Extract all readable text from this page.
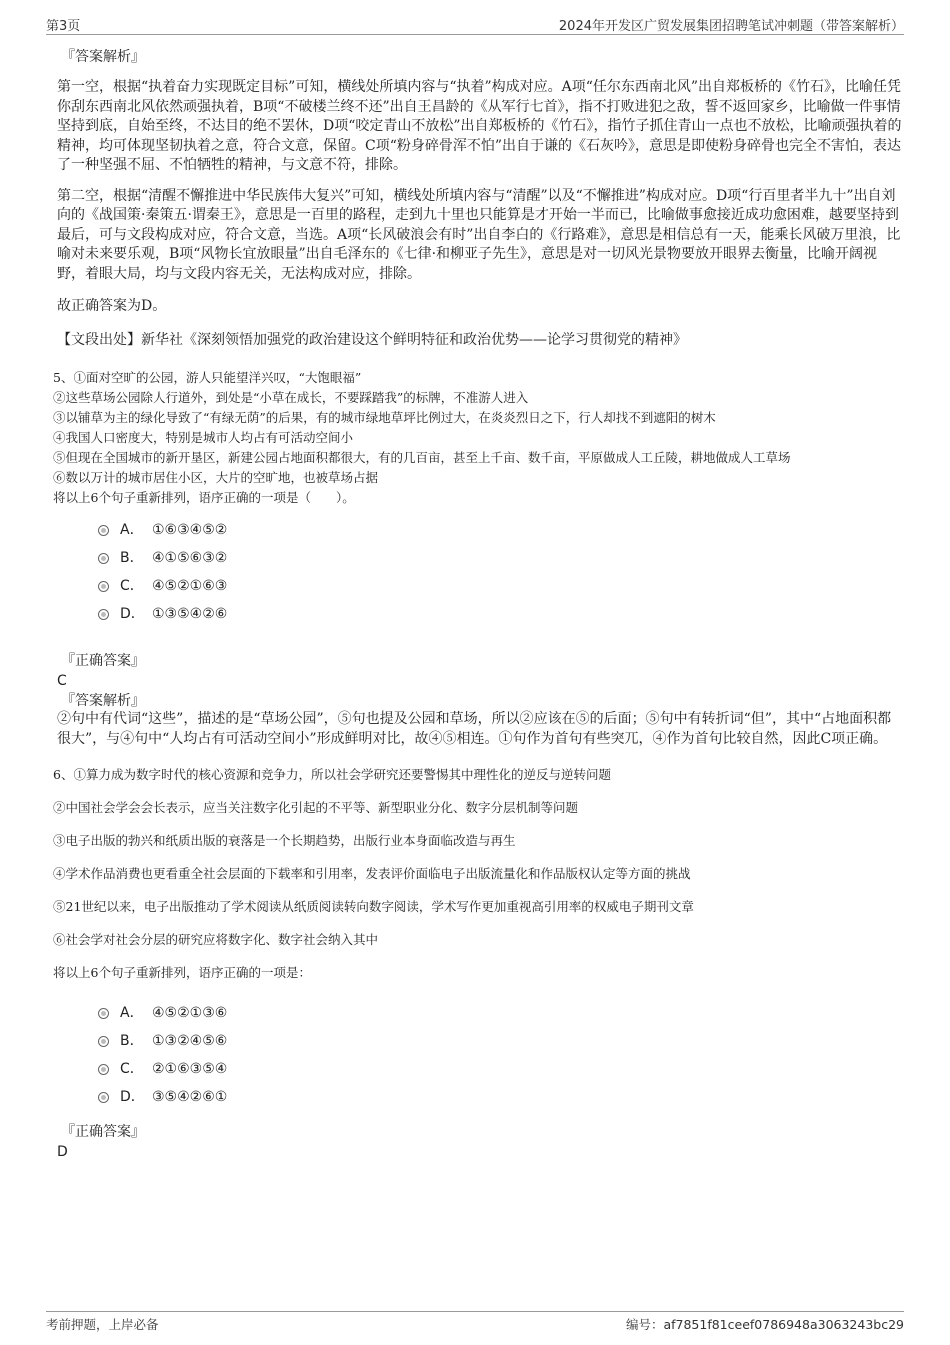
第3页	2024年开发区广贸发展集团招聘笔试冲刺题（带答案解析）
『答案解析』

第一空，根据“执着奋力实现既定目标”可知，横线处所填内容与“执着”构成对应。A项“任尔东西南北风”出自郑板桥的《竹石》，比喻任凭你刮东西南北风依然顽强执着，B项“不破楼兰终不还”出自王昌龄的《从军行七首》，指不打败进犯之敌，誓不返回家乡，比喻做一件事情坚持到底，自始至终，不达目的绝不罢休，D项“咬定青山不放松”出自郑板桥的《竹石》，指竹子抓住青山一点也不放松，比喻顽强执着的精神，均可体现坚韧执着之意，符合文意，保留。C项“粉身碎骨浑不怕”出自于谦的《石灰吟》，意思是即使粉身碎骨也完全不害怕，表达了一种坚强不屈、不怕牺牲的精神，与文意不符，排除。

第二空，根据“清醒不懈推进中华民族伟大复兴”可知，横线处所填内容与“清醒”以及“不懈推进”构成对应。D项“行百里者半九十”出自刘向的《战国策·秦策五·谓秦王》，意思是一百里的路程，走到九十里也只能算是才开始一半而已，比喻做事愈接近成功愈困难，越要坚持到最后，可与文段构成对应，符合文意，当选。A项“长风破浪会有时”出自李白的《行路难》，意思是相信总有一天，能乘长风破万里浪，比喻对未来要乐观，B项“风物长宜放眼量”出自毛泽东的《七律·和柳亚子先生》，意思是对一切风光景物要放开眼界去衡量，比喻开阔视野，着眼大局，均与文段内容无关，无法构成对应，排除。

故正确答案为D。

【文段出处】新华社《深刻领悟加强党的政治建设这个鲜明特征和政治优势——论学习贯彻党的精神》

5、①面对空旷的公园，游人只能望洋兴叹，“大饱眼福”

②这些草场公园除人行道外，到处是“小草在成长，不要踩踏我”的标牌，不准游人进入

③以铺草为主的绿化导致了“有绿无荫”的后果，有的城市绿地草坪比例过大，在炎炎烈日之下，行人却找不到遮阳的树木

④我国人口密度大，特别是城市人均占有可活动空间小

⑤但现在全国城市的新开垦区，新建公园占地面积都很大，有的几百亩，甚至上千亩、数千亩，平原做成人工丘陵，耕地做成人工草场

⑥数以万计的城市居住小区，大片的空旷地，也被草场占据

将以上6个句子重新排列，语序正确的一项是（　　）。

A． ①⑥③④⑤②
B． ④①⑤⑥③②
C． ④⑤②①⑥③
D． ①③⑤④②⑥
『正确答案』
C
『答案解析』

②句中有代词“这些”，描述的是“草场公园”，⑤句也提及公园和草场，所以②应该在⑤的后面；⑤句中有转折词“但”，其中“占地面积都很大”，与④句中“人均占有可活动空间小”形成鲜明对比，故④⑤相连。①句作为首句有些突兀，④作为首句比较自然，因此C项正确。

6、①算力成为数字时代的核心资源和竞争力，所以社会学研究还要警惕其中理性化的逆反与逆转问题

②中国社会学会会长表示，应当关注数字化引起的不平等、新型职业分化、数字分层机制等问题

③电子出版的勃兴和纸质出版的衰落是一个长期趋势，出版行业本身面临改造与再生

④学术作品消费也更看重全社会层面的下载率和引用率，发表评价面临电子出版流量化和作品版权认定等方面的挑战

⑤21世纪以来，电子出版推动了学术阅读从纸质阅读转向数字阅读，学术写作更加重视高引用率的权威电子期刊文章

⑥社会学对社会分层的研究应将数字化、数字社会纳入其中

将以上6个句子重新排列，语序正确的一项是：

A． ④⑤②①③⑥
B． ①③②④⑤⑥
C． ②①⑥③⑤④
D． ③⑤④②⑥①
『正确答案』
D
考前押题，上岸必备	编号：af7851f81ceef0786948a3063243bc29
